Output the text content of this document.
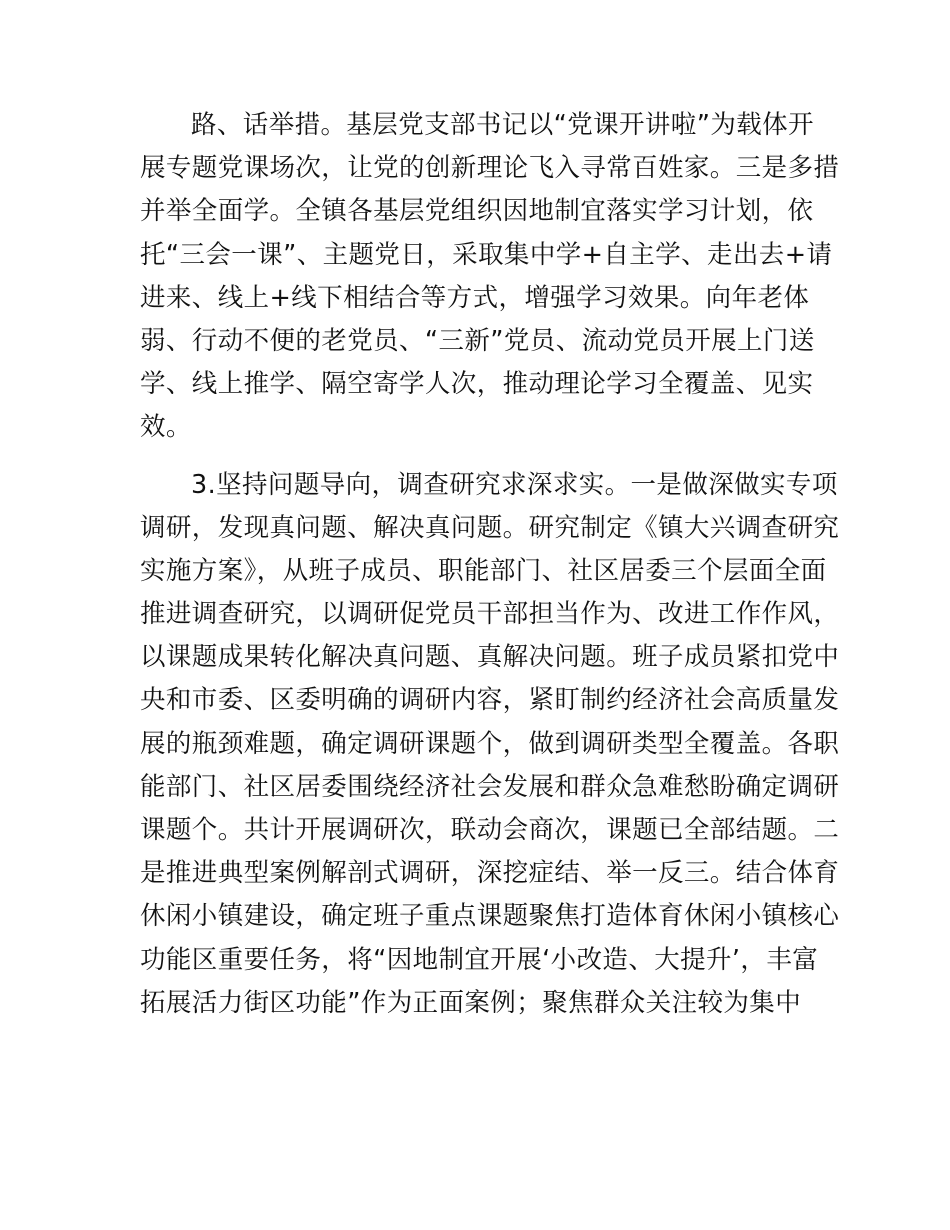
路、话举措。基层党支部书记以“党课开讲啦”为载体开
展专题党课场次，让党的创新理论飞入寻常百姓家。三是多措
并举全面学。全镇各基层党组织因地制宜落实学习计划，依
托“三会一课”、主题党日，采取集中学+自主学、走出去+请
进来、线上+线下相结合等方式，增强学习效果。向年老体
弱、行动不便的老党员、“三新”党员、流动党员开展上门送
学、线上推学、隔空寄学人次，推动理论学习全覆盖、见实
效。
3.坚持问题导向，调查研究求深求实。一是做深做实专项
调研，发现真问题、解决真问题。研究制定《镇大兴调查研究
实施方案》，从班子成员、职能部门、社区居委三个层面全面
推进调查研究，以调研促党员干部担当作为、改进工作作风，
以课题成果转化解决真问题、真解决问题。班子成员紧扣党中
央和市委、区委明确的调研内容，紧盯制约经济社会高质量发
展的瓶颈难题，确定调研课题个，做到调研类型全覆盖。各职
能部门、社区居委围绕经济社会发展和群众急难愁盼确定调研
课题个。共计开展调研次，联动会商次，课题已全部结题。二
是推进典型案例解剖式调研，深挖症结、举一反三。结合体育
休闲小镇建设，确定班子重点课题聚焦打造体育休闲小镇核心
功能区重要任务，将“因地制宜开展‘小改造、大提升’，丰富
拓展活力街区功能”作为正面案例；聚焦群众关注较为集中
